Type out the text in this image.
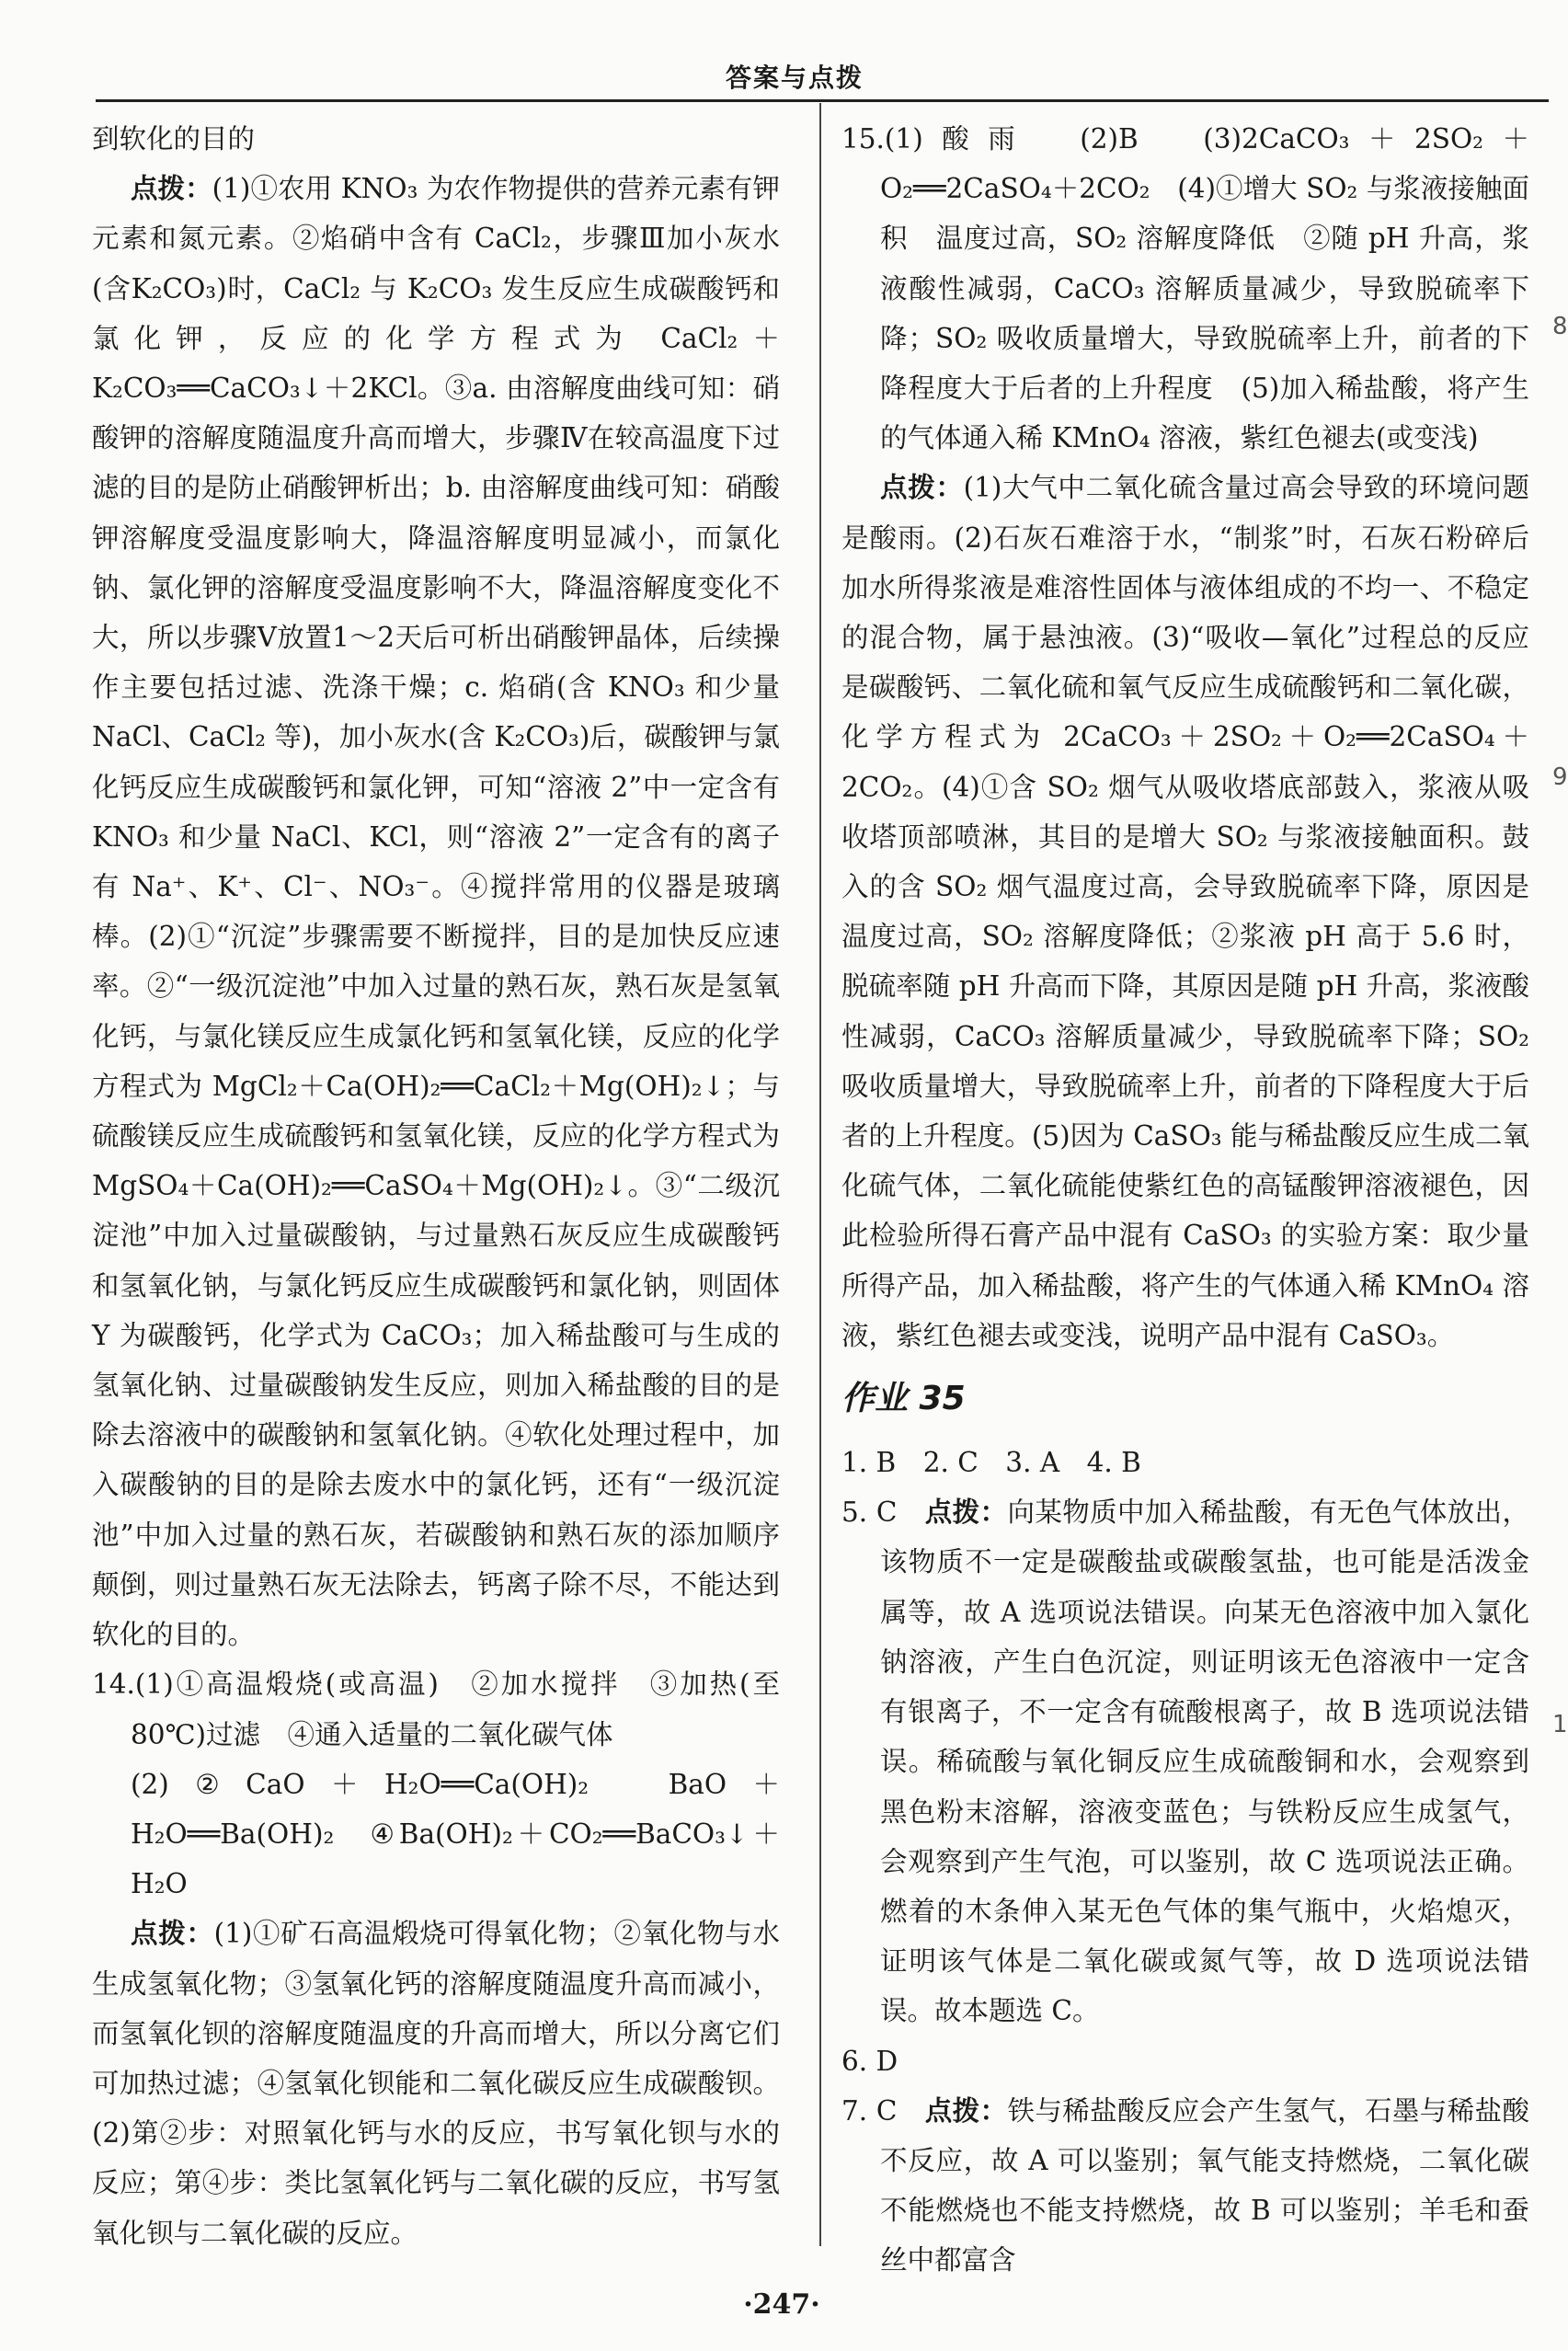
答案与点拨

到软化的目的

点拨：(1)①农用 KNO₃ 为农作物提供的营养元素有钾元素和氮元素。②焰硝中含有 CaCl₂，步骤Ⅲ加小灰水(含K₂CO₃)时，CaCl₂ 与 K₂CO₃ 发生反应生成碳酸钙和氯化钾，反应的化学方程式为 CaCl₂＋K₂CO₃══CaCO₃↓＋2KCl。③a. 由溶解度曲线可知：硝酸钾的溶解度随温度升高而增大，步骤Ⅳ在较高温度下过滤的目的是防止硝酸钾析出；b. 由溶解度曲线可知：硝酸钾溶解度受温度影响大，降温溶解度明显减小，而氯化钠、氯化钾的溶解度受温度影响不大，降温溶解度变化不大，所以步骤Ⅴ放置1～2天后可析出硝酸钾晶体，后续操作主要包括过滤、洗涤干燥；c. 焰硝(含 KNO₃ 和少量 NaCl、CaCl₂ 等)，加小灰水(含 K₂CO₃)后，碳酸钾与氯化钙反应生成碳酸钙和氯化钾，可知“溶液 2”中一定含有 KNO₃ 和少量 NaCl、KCl，则“溶液 2”一定含有的离子有 Na⁺、K⁺、Cl⁻、NO₃⁻。④搅拌常用的仪器是玻璃棒。(2)①“沉淀”步骤需要不断搅拌，目的是加快反应速率。②“一级沉淀池”中加入过量的熟石灰，熟石灰是氢氧化钙，与氯化镁反应生成氯化钙和氢氧化镁，反应的化学方程式为 MgCl₂＋Ca(OH)₂══CaCl₂＋Mg(OH)₂↓；与硫酸镁反应生成硫酸钙和氢氧化镁，反应的化学方程式为 MgSO₄＋Ca(OH)₂══CaSO₄＋Mg(OH)₂↓。③“二级沉淀池”中加入过量碳酸钠，与过量熟石灰反应生成碳酸钙和氢氧化钠，与氯化钙反应生成碳酸钙和氯化钠，则固体 Y 为碳酸钙，化学式为 CaCO₃；加入稀盐酸可与生成的氢氧化钠、过量碳酸钠发生反应，则加入稀盐酸的目的是除去溶液中的碳酸钠和氢氧化钠。④软化处理过程中，加入碳酸钠的目的是除去废水中的氯化钙，还有“一级沉淀池”中加入过量的熟石灰，若碳酸钠和熟石灰的添加顺序颠倒，则过量熟石灰无法除去，钙离子除不尽，不能达到软化的目的。

14.(1)①高温煅烧(或高温)　②加水搅拌　③加热(至80℃)过滤　④通入适量的二氧化碳气体

(2)②CaO＋H₂O══Ca(OH)₂　BaO＋H₂O══Ba(OH)₂　④Ba(OH)₂＋CO₂══BaCO₃↓＋H₂O

点拨：(1)①矿石高温煅烧可得氧化物；②氧化物与水生成氢氧化物；③氢氧化钙的溶解度随温度升高而减小，而氢氧化钡的溶解度随温度的升高而增大，所以分离它们可加热过滤；④氢氧化钡能和二氧化碳反应生成碳酸钡。(2)第②步：对照氧化钙与水的反应，书写氧化钡与水的反应；第④步：类比氢氧化钙与二氧化碳的反应，书写氢氧化钡与二氧化碳的反应。

15.(1)酸雨　(2)B　(3)2CaCO₃＋2SO₂＋O₂══2CaSO₄＋2CO₂　(4)①增大 SO₂ 与浆液接触面积　温度过高，SO₂ 溶解度降低　②随 pH 升高，浆液酸性减弱，CaCO₃ 溶解质量减少，导致脱硫率下降；SO₂ 吸收质量增大，导致脱硫率上升，前者的下降程度大于后者的上升程度　(5)加入稀盐酸，将产生的气体通入稀 KMnO₄ 溶液，紫红色褪去(或变浅)

点拨：(1)大气中二氧化硫含量过高会导致的环境问题是酸雨。(2)石灰石难溶于水，“制浆”时，石灰石粉碎后加水所得浆液是难溶性固体与液体组成的不均一、不稳定的混合物，属于悬浊液。(3)“吸收—氧化”过程总的反应是碳酸钙、二氧化硫和氧气反应生成硫酸钙和二氧化碳，化学方程式为 2CaCO₃＋2SO₂＋O₂══2CaSO₄＋2CO₂。(4)①含 SO₂ 烟气从吸收塔底部鼓入，浆液从吸收塔顶部喷淋，其目的是增大 SO₂ 与浆液接触面积。鼓入的含 SO₂ 烟气温度过高，会导致脱硫率下降，原因是温度过高，SO₂ 溶解度降低；②浆液 pH 高于 5.6 时，脱硫率随 pH 升高而下降，其原因是随 pH 升高，浆液酸性减弱，CaCO₃ 溶解质量减少，导致脱硫率下降；SO₂ 吸收质量增大，导致脱硫率上升，前者的下降程度大于后者的上升程度。(5)因为 CaSO₃ 能与稀盐酸反应生成二氧化硫气体，二氧化硫能使紫红色的高锰酸钾溶液褪色，因此检验所得石膏产品中混有 CaSO₃ 的实验方案：取少量所得产品，加入稀盐酸，将产生的气体通入稀 KMnO₄ 溶液，紫红色褪去或变浅，说明产品中混有 CaSO₃。

作业 35

1. B　2. C　3. A　4. B

5. C　 点拨：向某物质中加入稀盐酸，有无色气体放出，该物质不一定是碳酸盐或碳酸氢盐，也可能是活泼金属等，故 A 选项说法错误。向某无色溶液中加入氯化钠溶液，产生白色沉淀，则证明该无色溶液中一定含有银离子，不一定含有硫酸根离子，故 B 选项说法错误。稀硫酸与氧化铜反应生成硫酸铜和水，会观察到黑色粉末溶解，溶液变蓝色；与铁粉反应生成氢气，会观察到产生气泡，可以鉴别，故 C 选项说法正确。燃着的木条伸入某无色气体的集气瓶中，火焰熄灭，证明该气体是二氧化碳或氮气等，故 D 选项说法错误。故本题选 C。

6. D

7. C　 点拨：铁与稀盐酸反应会产生氢气，石墨与稀盐酸不反应，故 A 可以鉴别；氧气能支持燃烧，二氧化碳不能燃烧也不能支持燃烧，故 B 可以鉴别；羊毛和蚕丝中都富含

·247·
8
9
1
